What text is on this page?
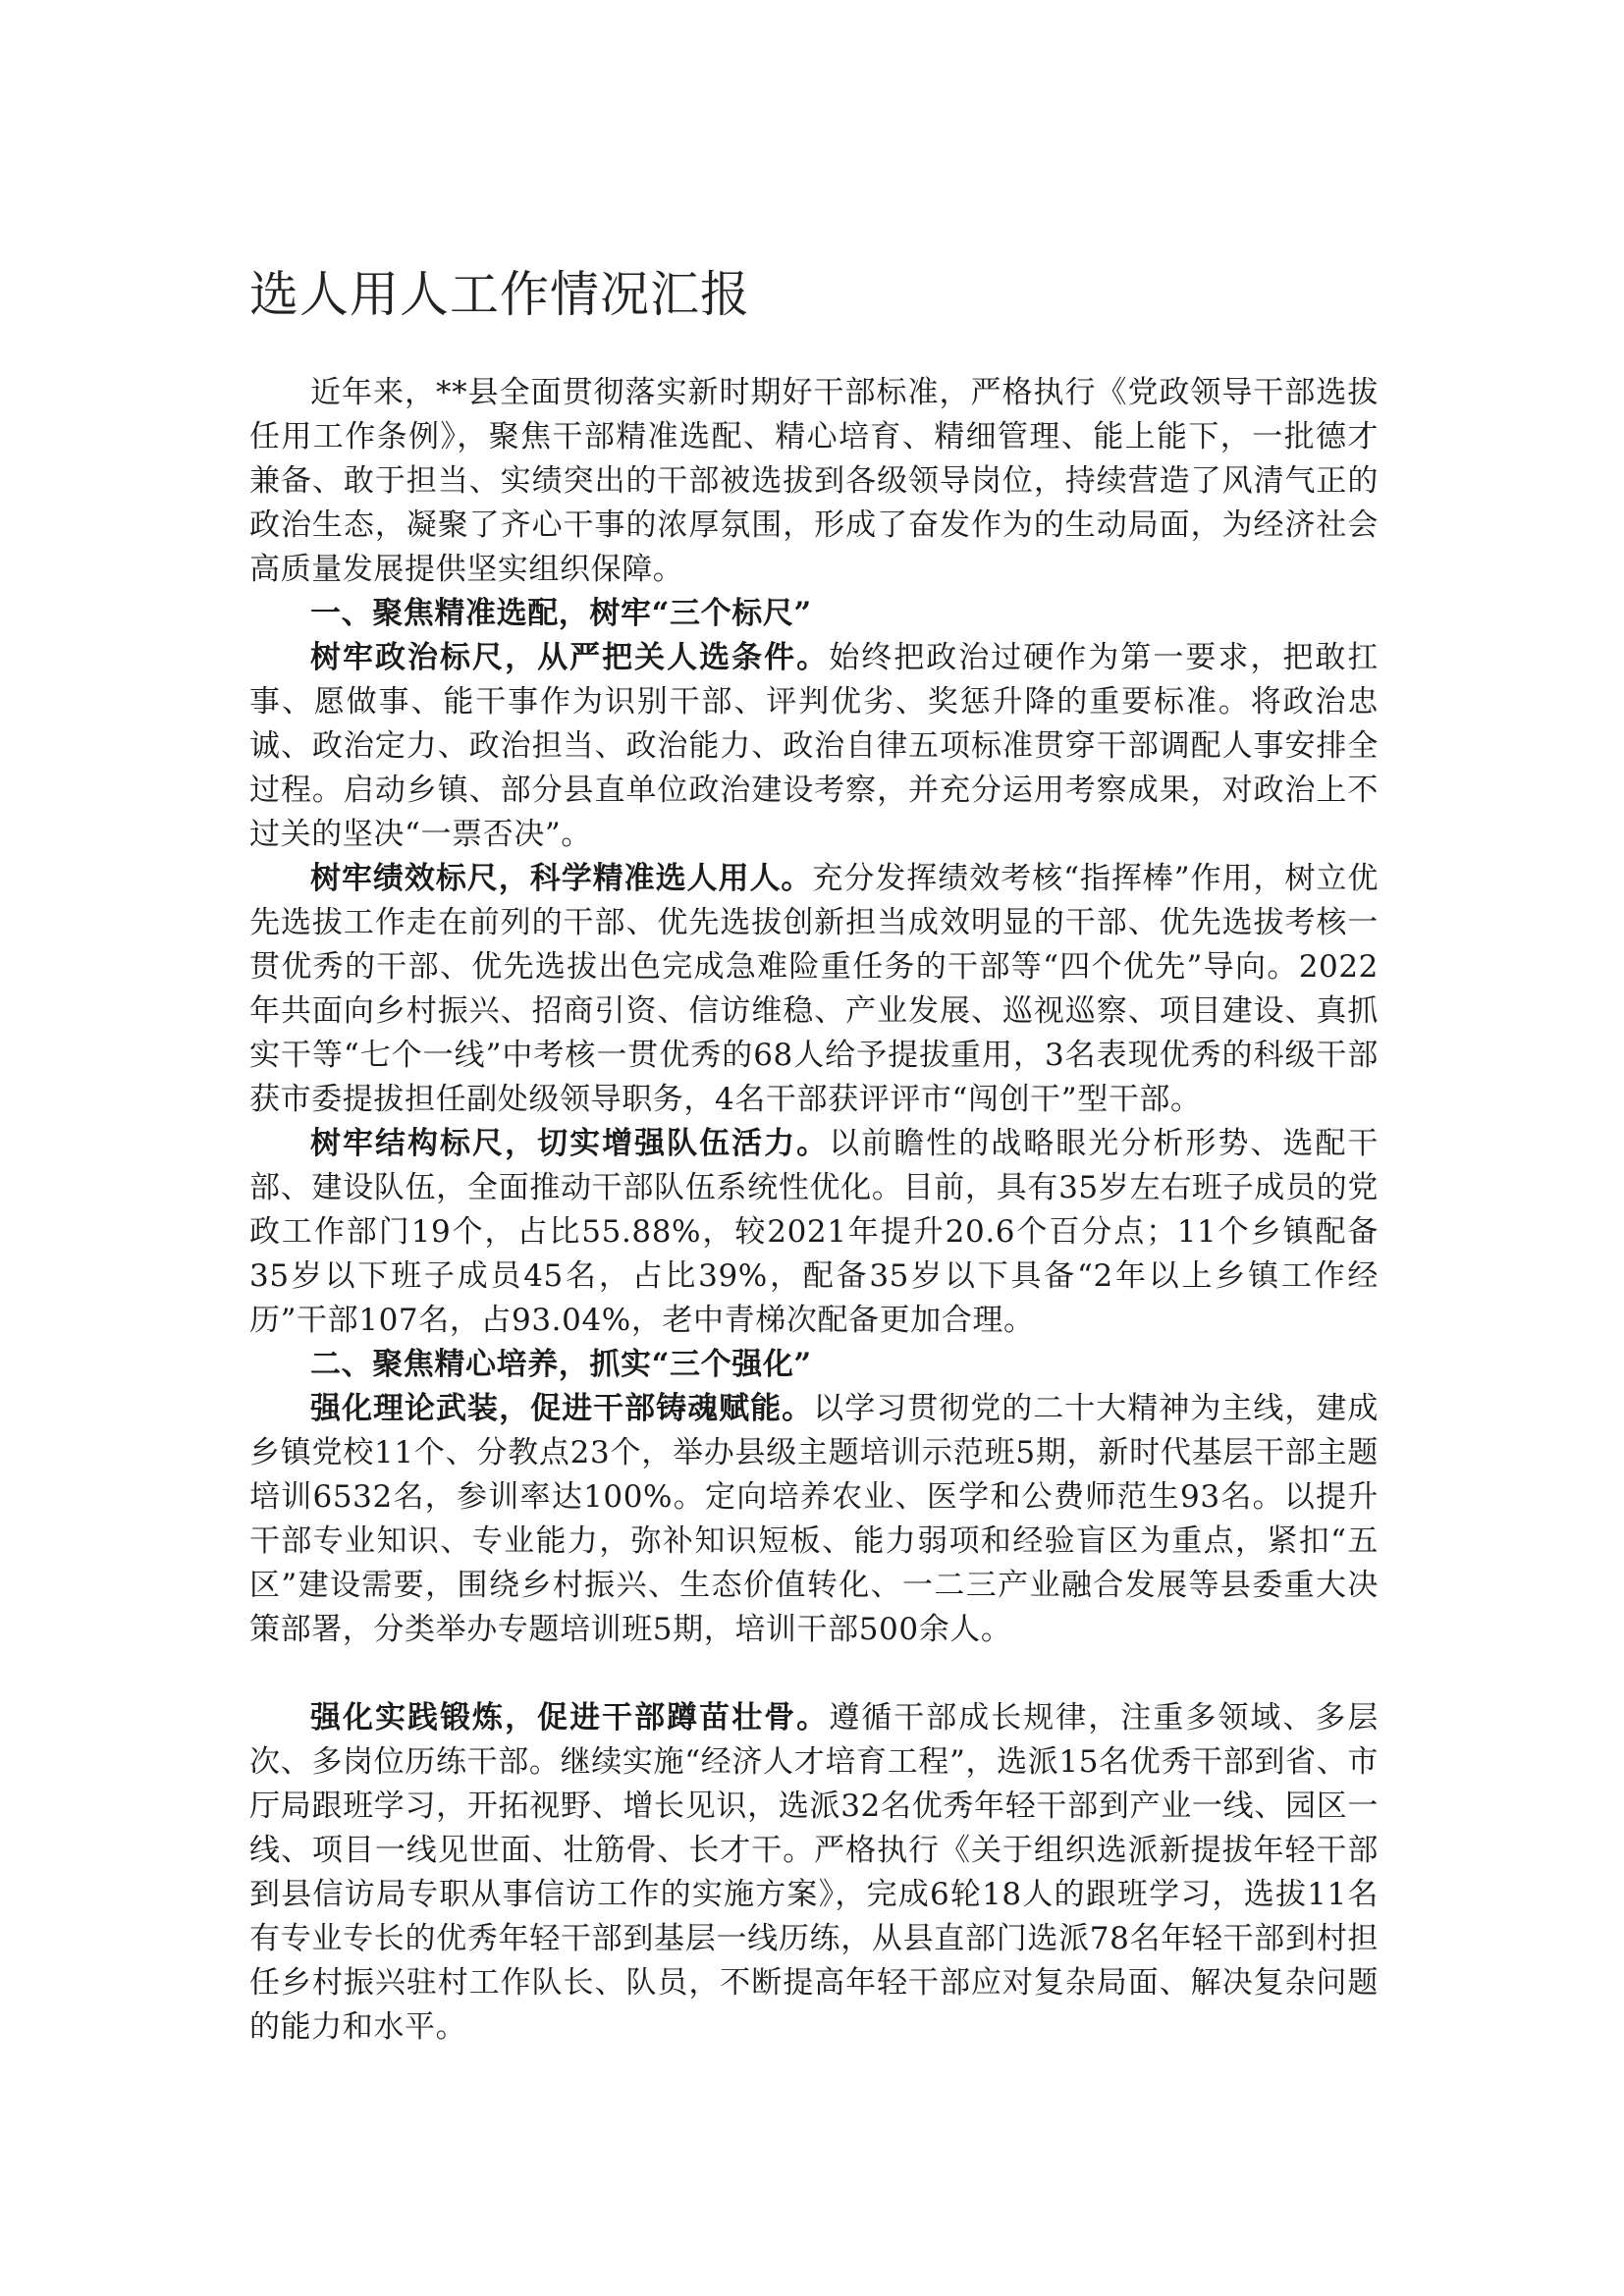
选人用人工作情况汇报

近年来，**县全面贯彻落实新时期好干部标准，严格执行《党政领导干部选拔任用工作条例》，聚焦干部精准选配、精心培育、精细管理、能上能下，一批德才兼备、敢于担当、实绩突出的干部被选拔到各级领导岗位，持续营造了风清气正的政治生态，凝聚了齐心干事的浓厚氛围，形成了奋发作为的生动局面，为经济社会高质量发展提供坚实组织保障。

一、聚焦精准选配，树牢“三个标尺”

树牢政治标尺，从严把关人选条件。始终把政治过硬作为第一要求，把敢扛事、愿做事、能干事作为识别干部、评判优劣、奖惩升降的重要标准。将政治忠诚、政治定力、政治担当、政治能力、政治自律五项标准贯穿干部调配人事安排全过程。启动乡镇、部分县直单位政治建设考察，并充分运用考察成果，对政治上不过关的坚决“一票否决”。

树牢绩效标尺，科学精准选人用人。充分发挥绩效考核“指挥棒”作用，树立优先选拔工作走在前列的干部、优先选拔创新担当成效明显的干部、优先选拔考核一贯优秀的干部、优先选拔出色完成急难险重任务的干部等“四个优先”导向。2022年共面向乡村振兴、招商引资、信访维稳、产业发展、巡视巡察、项目建设、真抓实干等“七个一线”中考核一贯优秀的68人给予提拔重用，3名表现优秀的科级干部获市委提拔担任副处级领导职务，4名干部获评评市“闯创干”型干部。

树牢结构标尺，切实增强队伍活力。以前瞻性的战略眼光分析形势、选配干部、建设队伍，全面推动干部队伍系统性优化。目前，具有35岁左右班子成员的党政工作部门19个，占比55.88%，较2021年提升20.6个百分点；11个乡镇配备35岁以下班子成员45名，占比39%，配备35岁以下具备“2年以上乡镇工作经历”干部107名，占93.04%，老中青梯次配备更加合理。

二、聚焦精心培养，抓实“三个强化”

强化理论武装，促进干部铸魂赋能。以学习贯彻党的二十大精神为主线，建成乡镇党校11个、分教点23个，举办县级主题培训示范班5期，新时代基层干部主题培训6532名，参训率达100%。定向培养农业、医学和公费师范生93名。以提升干部专业知识、专业能力，弥补知识短板、能力弱项和经验盲区为重点，紧扣“五区”建设需要，围绕乡村振兴、生态价值转化、一二三产业融合发展等县委重大决策部署，分类举办专题培训班5期，培训干部500余人。

强化实践锻炼，促进干部蹲苗壮骨。遵循干部成长规律，注重多领域、多层次、多岗位历练干部。继续实施“经济人才培育工程”，选派15名优秀干部到省、市厅局跟班学习，开拓视野、增长见识，选派32名优秀年轻干部到产业一线、园区一线、项目一线见世面、壮筋骨、长才干。严格执行《关于组织选派新提拔年轻干部到县信访局专职从事信访工作的实施方案》，完成6轮18人的跟班学习，选拔11名有专业专长的优秀年轻干部到基层一线历练，从县直部门选派78名年轻干部到村担任乡村振兴驻村工作队长、队员，不断提高年轻干部应对复杂局面、解决复杂问题的能力和水平。
